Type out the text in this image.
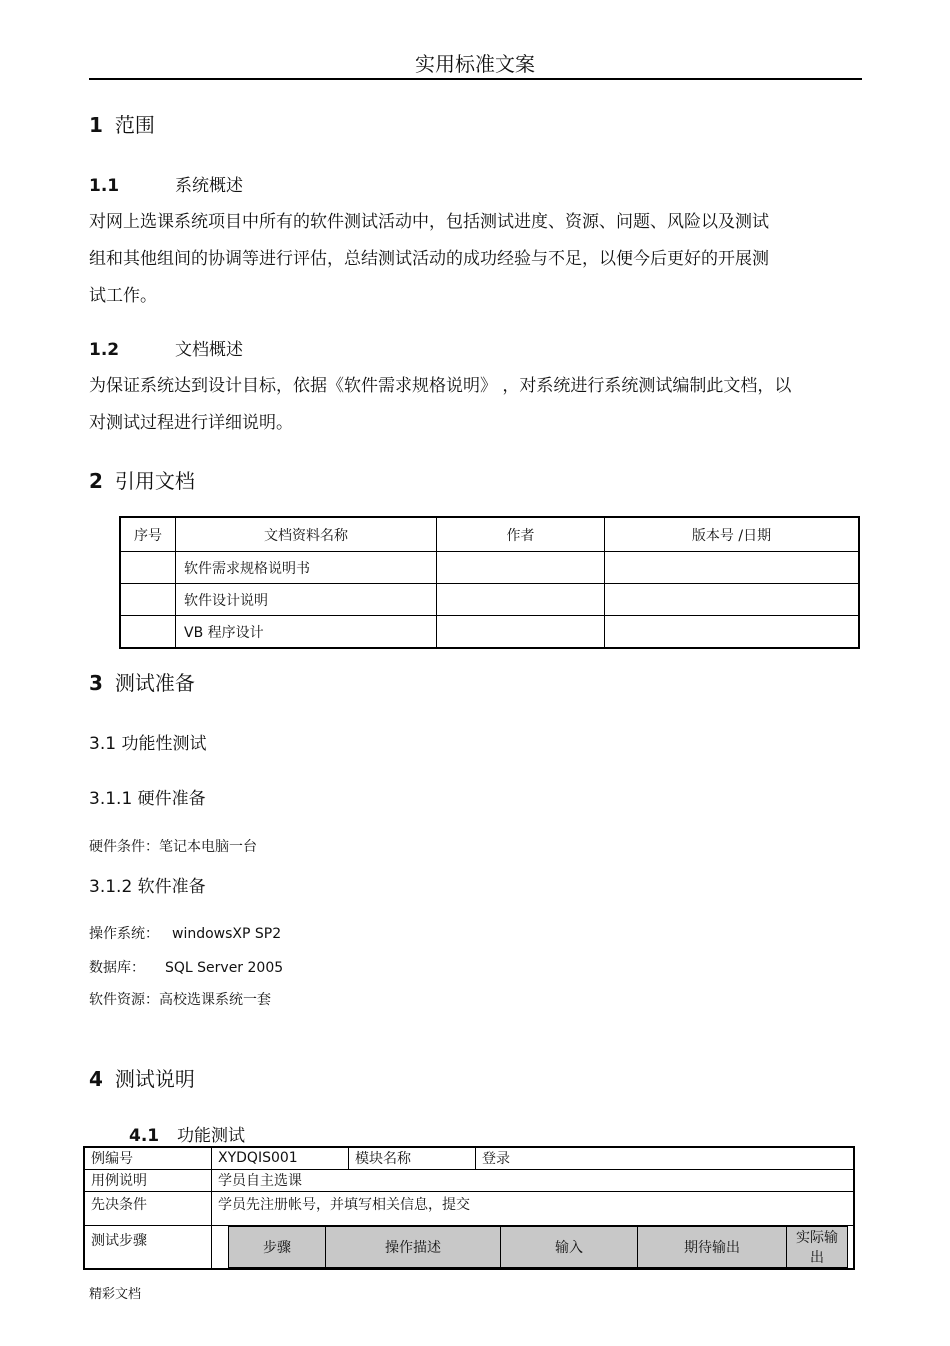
实用标准文案
1 范围
1.1	系统概述
对网上选课系统项目中所有的软件测试活动中，包括测试进度、资源、问题、风险以及测试
组和其他组间的协调等进行评估，总结测试活动的成功经验与不足，以便今后更好的开展测
试工作。
1.2	文档概述
为保证系统达到设计目标，依据《软件需求规格说明》 ，对系统进行系统测试编制此文档，以
对测试过程进行详细说明。
2 引用文档
序号	文档资料名称	作者	版本号 /日期
	软件需求规格说明书		
	软件设计说明		
	VB 程序设计		
3 测试准备
3.1 功能性测试
3.1.1 硬件准备
硬件条件：笔记本电脑一台
3.1.2 软件准备
操作系统： windowsXP SP2
数据库： SQL Server 2005
软件资源：高校选课系统一套
4 测试说明
4.1 功能测试
例编号	XYDQIS001	模块名称	登录
用例说明	学员自主选课
先决条件	学员先注册帐号，并填写相关信息，提交
测试步骤		步骤	操作描述	输入	期待输出	实际输出
精彩文档
